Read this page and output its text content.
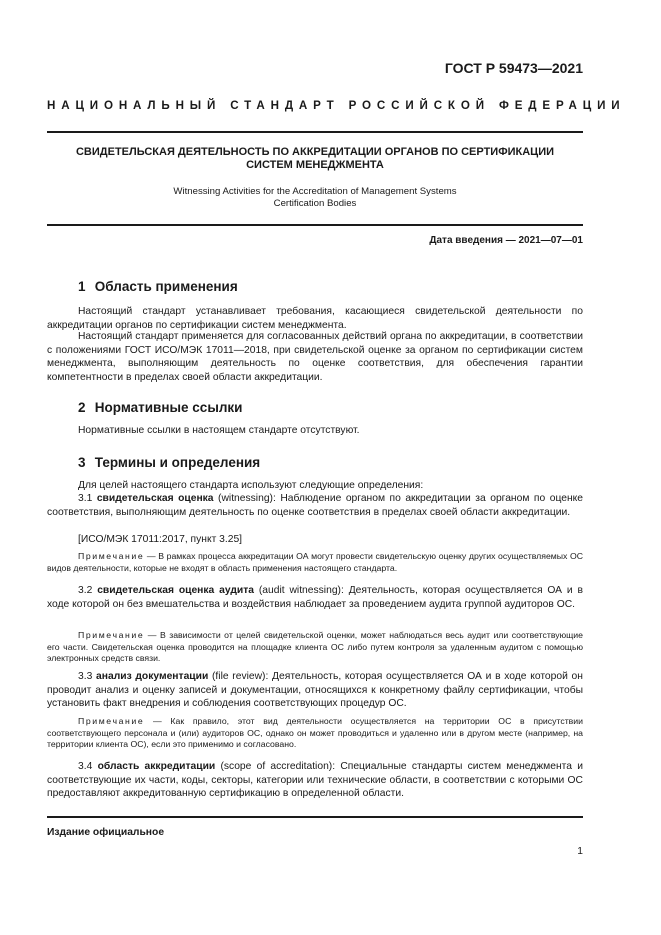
ГОСТ Р 59473—2021
НАЦИОНАЛЬНЫЙ СТАНДАРТ РОССИЙСКОЙ ФЕДЕРАЦИИ
СВИДЕТЕЛЬСКАЯ ДЕЯТЕЛЬНОСТЬ ПО АККРЕДИТАЦИИ ОРГАНОВ ПО СЕРТИФИКАЦИИ
СИСТЕМ МЕНЕДЖМЕНТА
Witnessing Activities for the Accreditation of Management Systems
Certification Bodies
Дата введения — 2021—07—01
1 Область применения
Настоящий стандарт устанавливает требования, касающиеся свидетельской деятельности по аккредитации органов по сертификации систем менеджмента.
Настоящий стандарт применяется для согласованных действий органа по аккредитации, в соответствии с положениями ГОСТ ИСО/МЭК 17011—2018, при свидетельской оценке за органом по сертификации систем менеджмента, выполняющим деятельность по оценке соответствия, для обеспечения гарантии компетентности в пределах своей области аккредитации.
2 Нормативные ссылки
Нормативные ссылки в настоящем стандарте отсутствуют.
3 Термины и определения
Для целей настоящего стандарта используют следующие определения:
3.1 свидетельская оценка (witnessing): Наблюдение органом по аккредитации за органом по оценке соответствия, выполняющим деятельность по оценке соответствия в пределах своей области аккредитации.
[ИСО/МЭК 17011:2017, пункт 3.25]
Примечание — В рамках процесса аккредитации ОА могут провести свидетельскую оценку других осуществляемых ОС видов деятельности, которые не входят в область применения настоящего стандарта.
3.2 свидетельская оценка аудита (audit witnessing): Деятельность, которая осуществляется ОА и в ходе которой он без вмешательства и воздействия наблюдает за проведением аудита группой аудиторов ОС.
Примечание — В зависимости от целей свидетельской оценки, может наблюдаться весь аудит или соответствующие его части. Свидетельская оценка проводится на площадке клиента ОС либо путем контроля за удаленным аудитом с помощью электронных средств связи.
3.3 анализ документации (file review): Деятельность, которая осуществляется ОА и в ходе которой он проводит анализ и оценку записей и документации, относящихся к конкретному файлу сертификации, чтобы установить факт внедрения и соблюдения соответствующих процедур ОС.
Примечание — Как правило, этот вид деятельности осуществляется на территории ОС в присутствии соответствующего персонала и (или) аудиторов ОС, однако он может проводиться и удаленно или в другом месте (например, на территории клиента ОС), если это применимо и согласовано.
3.4 область аккредитации (scope of accreditation): Специальные стандарты систем менеджмента и соответствующие их части, коды, секторы, категории или технические области, в соответствии с которыми ОС предоставляют аккредитованную сертификацию в определенной области.
Издание официальное
1
